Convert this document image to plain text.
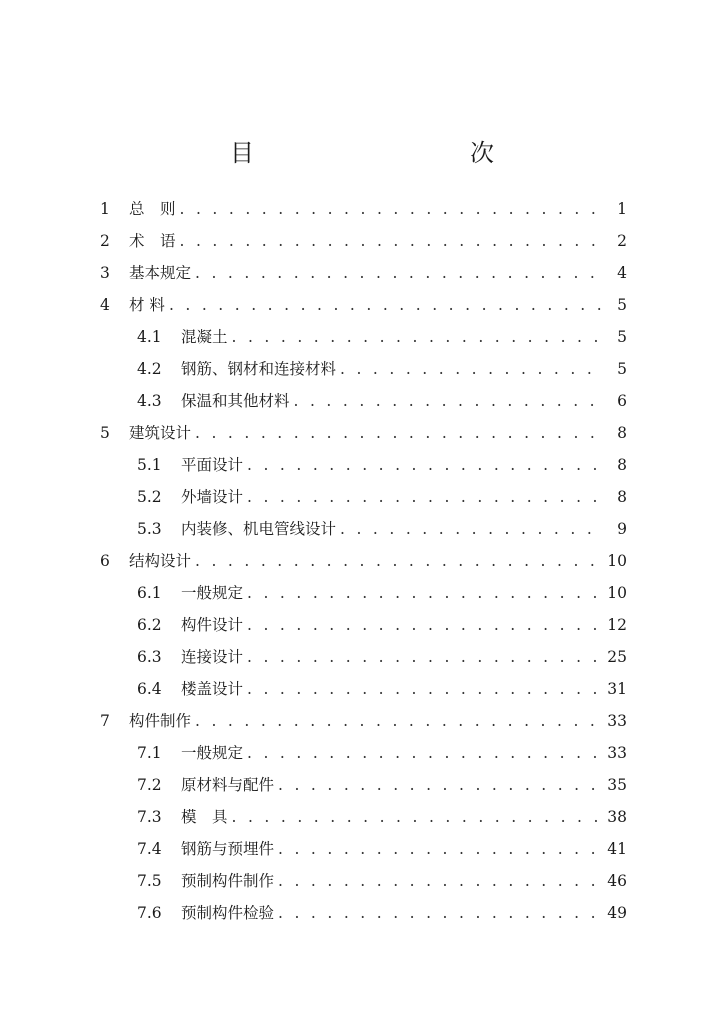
目　　次
1	总　则 . . .	1
2	术　语 . . .	2
3	基本规定 . . .	4
4	材 料 . . .	5
4.1	混凝土 . . .	5
4.2	钢筋、钢材和连接材料 . . .	5
4.3	保温和其他材料 . . .	6
5	建筑设计 . . .	8
5.1	平面设计 . . .	8
5.2	外墙设计 . . .	8
5.3	内装修、机电管线设计 . . .	9
6	结构设计 . . .	10
6.1	一般规定 . . .	10
6.2	构件设计 . . .	12
6.3	连接设计 . . .	25
6.4	楼盖设计 . . .	31
7	构件制作 . . .	33
7.1	一般规定 . . .	33
7.2	原材料与配件 . . .	35
7.3	模　具 . . .	38
7.4	钢筋与预埋件 . . .	41
7.5	预制构件制作 . . .	46
7.6	预制构件检验 . . .	49
